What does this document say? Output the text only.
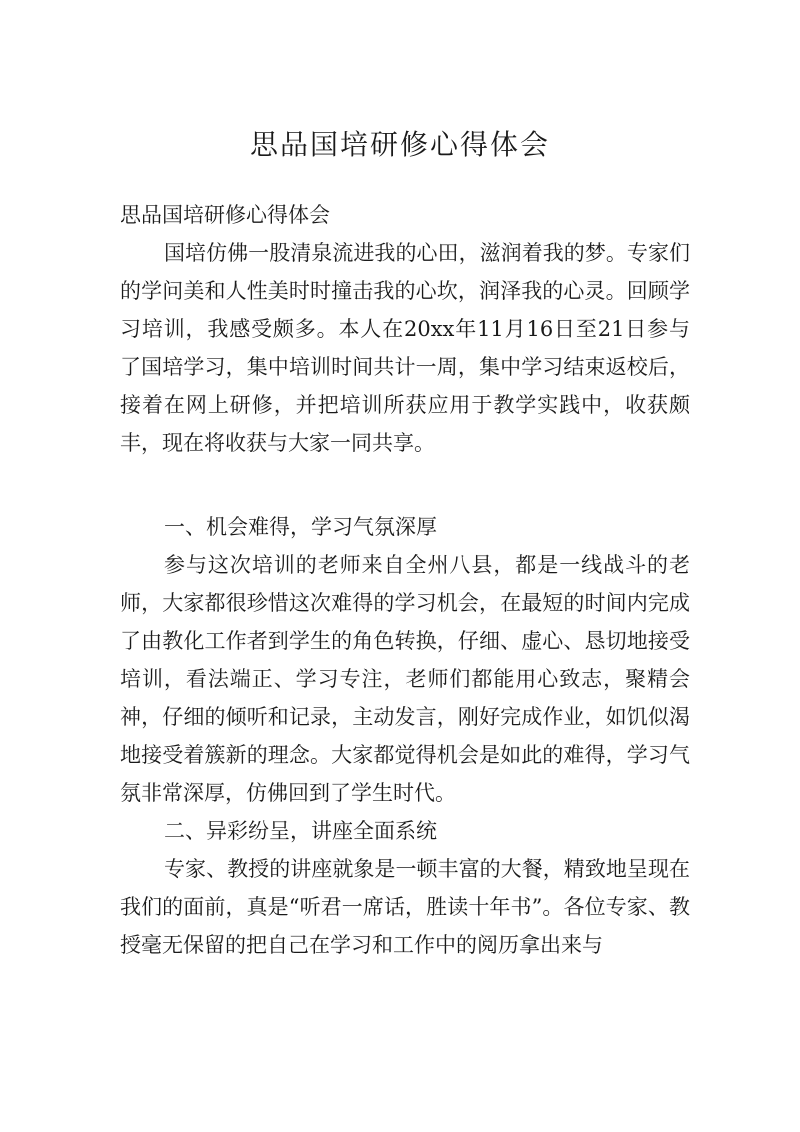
思品国培研修心得体会

思品国培研修心得体会

国培仿佛一股清泉流进我的心田，滋润着我的梦。专家们的学问美和人性美时时撞击我的心坎，润泽我的心灵。回顾学习培训，我感受颇多。本人在20xx年11月16日至21日参与了国培学习，集中培训时间共计一周，集中学习结束返校后，接着在网上研修，并把培训所获应用于教学实践中，收获颇丰，现在将收获与大家一同共享。

一、机会难得，学习气氛深厚

参与这次培训的老师来自全州八县，都是一线战斗的老师，大家都很珍惜这次难得的学习机会，在最短的时间内完成了由教化工作者到学生的角色转换，仔细、虚心、恳切地接受培训，看法端正、学习专注，老师们都能用心致志，聚精会神，仔细的倾听和记录，主动发言，刚好完成作业，如饥似渴地接受着簇新的理念。大家都觉得机会是如此的难得，学习气氛非常深厚，仿佛回到了学生时代。

二、异彩纷呈，讲座全面系统

专家、教授的讲座就象是一顿丰富的大餐，精致地呈现在我们的面前，真是“听君一席话，胜读十年书”。各位专家、教授毫无保留的把自己在学习和工作中的阅历拿出来与
